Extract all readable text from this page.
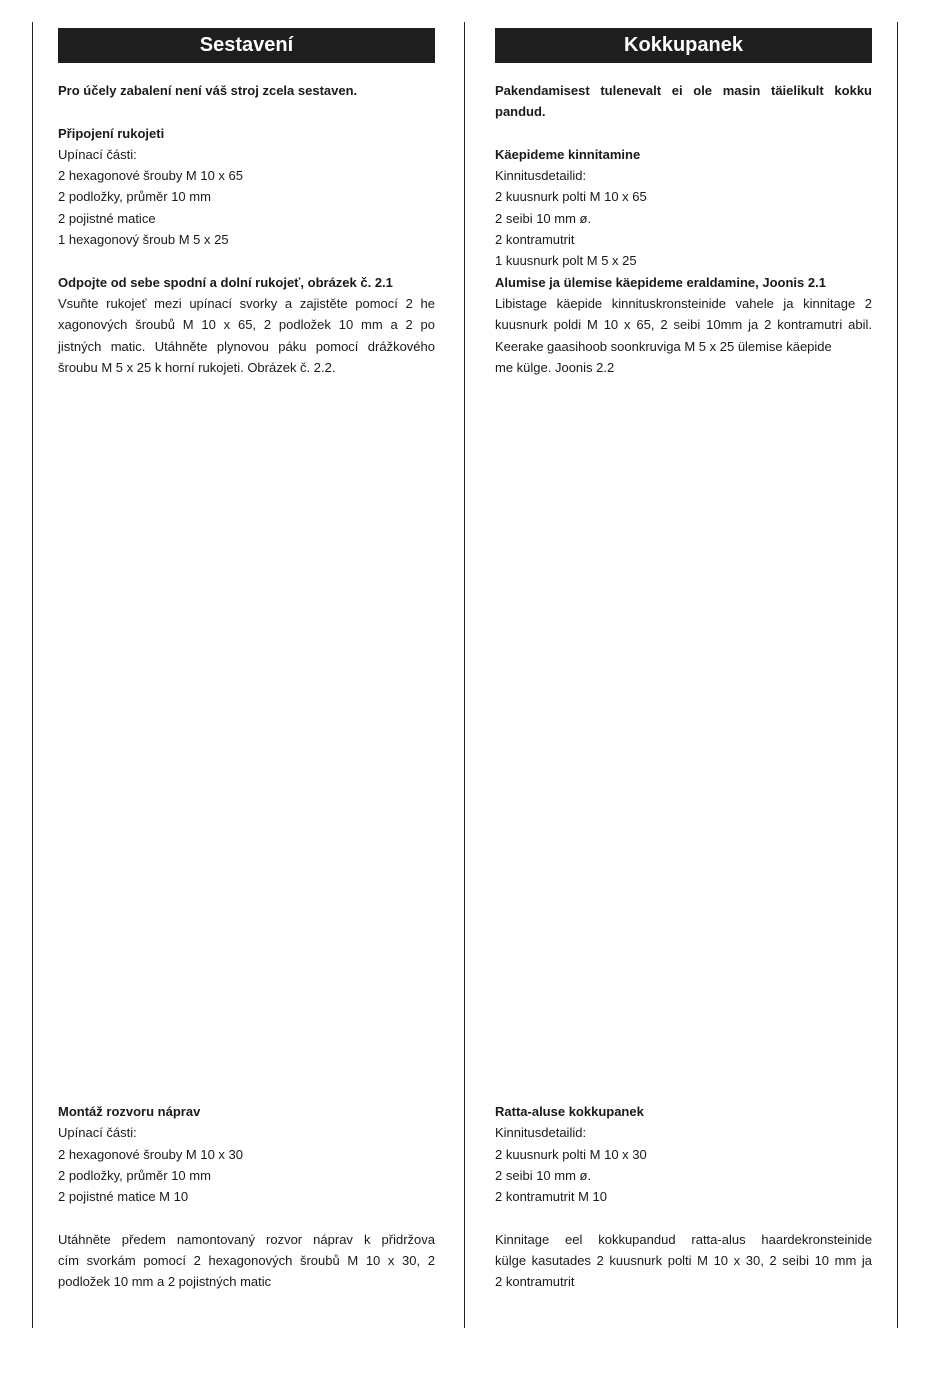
Sestavení

Pro účely zabalení není váš stroj zcela sestaven.

Připojení rukojeti

Upínací části:

2 hexagonové šrouby M 10 x 65

2 podložky, průměr 10 mm

2 pojistné matice

1 hexagonový šroub M 5 x 25

Odpojte od sebe spodní a dolní rukojeť, obrázek č. 2.1

Vsuňte rukojeť mezi upínací svorky a zajistěte pomocí 2 he

xagonových šroubů M 10 x 65, 2 podložek 10 mm a 2 po

jistných matic. Utáhněte plynovou páku pomocí drážkového

šroubu M 5 x 25 k horní rukojeti. Obrázek č. 2.2.

Montáž rozvoru náprav

Upínací části:

2 hexagonové šrouby M 10 x 30

2 podložky, průměr 10 mm

2 pojistné matice M 10

Utáhněte předem namontovaný rozvor náprav k přidržova

cím svorkám pomocí 2 hexagonových šroubů M 10 x 30, 2

podložek 10 mm a 2 pojistných matic

Kokkupanek

Pakendamisest tulenevalt ei ole masin täielikult kokku

pandud.

Käepideme kinnitamine

Kinnitusdetailid:

2 kuusnurk polti M 10 x 65

2 seibi 10 mm ø.

2 kontramutrit

1 kuusnurk polt M 5 x 25

Alumise ja ülemise käepideme eraldamine, Joonis 2.1

Libistage käepide kinnituskronsteinide vahele ja kinnitage 2

kuusnurk poldi M 10 x 65, 2 seibi 10mm ja 2 kontramutri abil.

Keerake gaasihoob soonkruviga M 5 x 25 ülemise käepide

me külge. Joonis 2.2

Ratta-aluse kokkupanek

Kinnitusdetailid:

2 kuusnurk polti M 10 x 30

2 seibi 10 mm ø.

2 kontramutrit M 10

Kinnitage eel kokkupandud ratta-alus haardekronsteinide

külge kasutades 2 kuusnurk polti M 10 x 30, 2 seibi 10 mm ja

2 kontramutrit
